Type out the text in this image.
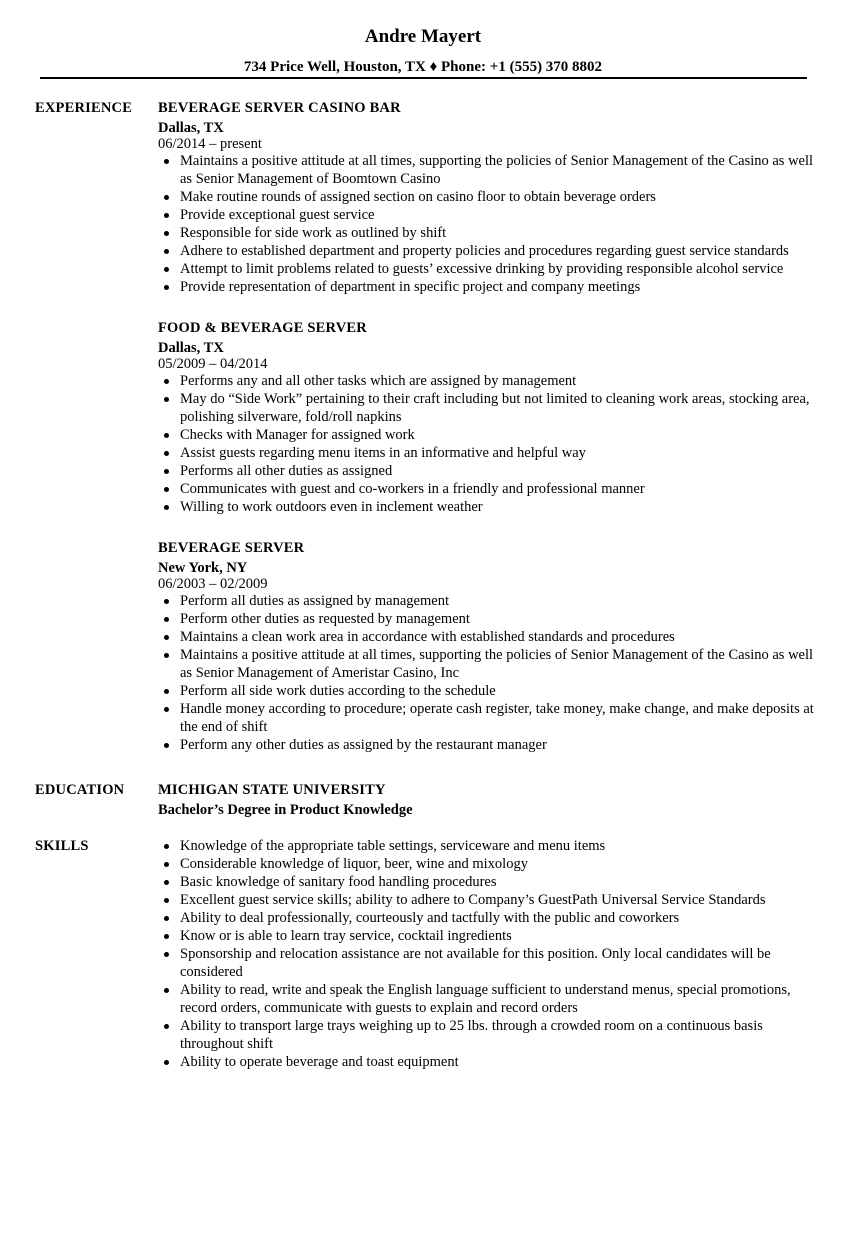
Andre Mayert
734 Price Well, Houston, TX ♦ Phone: +1 (555) 370 8802
EXPERIENCE BEVERAGE SERVER CASINO BAR
Dallas, TX
06/2014 – present
Maintains a positive attitude at all times, supporting the policies of Senior Management of the Casino as well as Senior Management of Boomtown Casino
Make routine rounds of assigned section on casino floor to obtain beverage orders
Provide exceptional guest service
Responsible for side work as outlined by shift
Adhere to established department and property policies and procedures regarding guest service standards
Attempt to limit problems related to guests’ excessive drinking by providing responsible alcohol service
Provide representation of department in specific project and company meetings
FOOD & BEVERAGE SERVER
Dallas, TX
05/2009 – 04/2014
Performs any and all other tasks which are assigned by management
May do “Side Work” pertaining to their craft including but not limited to cleaning work areas, stocking area, polishing silverware, fold/roll napkins
Checks with Manager for assigned work
Assist guests regarding menu items in an informative and helpful way
Performs all other duties as assigned
Communicates with guest and co-workers in a friendly and professional manner
Willing to work outdoors even in inclement weather
BEVERAGE SERVER
New York, NY
06/2003 – 02/2009
Perform all duties as assigned by management
Perform other duties as requested by management
Maintains a clean work area in accordance with established standards and procedures
Maintains a positive attitude at all times, supporting the policies of Senior Management of the Casino as well as Senior Management of Ameristar Casino, Inc
Perform all side work duties according to the schedule
Handle money according to procedure; operate cash register, take money, make change, and make deposits at the end of shift
Perform any other duties as assigned by the restaurant manager
EDUCATION MICHIGAN STATE UNIVERSITY
Bachelor’s Degree in Product Knowledge
SKILLS	Knowledge of the appropriate table settings, serviceware and menu items
Considerable knowledge of liquor, beer, wine and mixology
Basic knowledge of sanitary food handling procedures
Excellent guest service skills; ability to adhere to Company’s GuestPath Universal Service Standards
Ability to deal professionally, courteously and tactfully with the public and coworkers
Know or is able to learn tray service, cocktail ingredients
Sponsorship and relocation assistance are not available for this position. Only local candidates will be considered
Ability to read, write and speak the English language sufficient to understand menus, special promotions, record orders, communicate with guests to explain and record orders
Ability to transport large trays weighing up to 25 lbs. through a crowded room on a continuous basis throughout shift
Ability to operate beverage and toast equipment
